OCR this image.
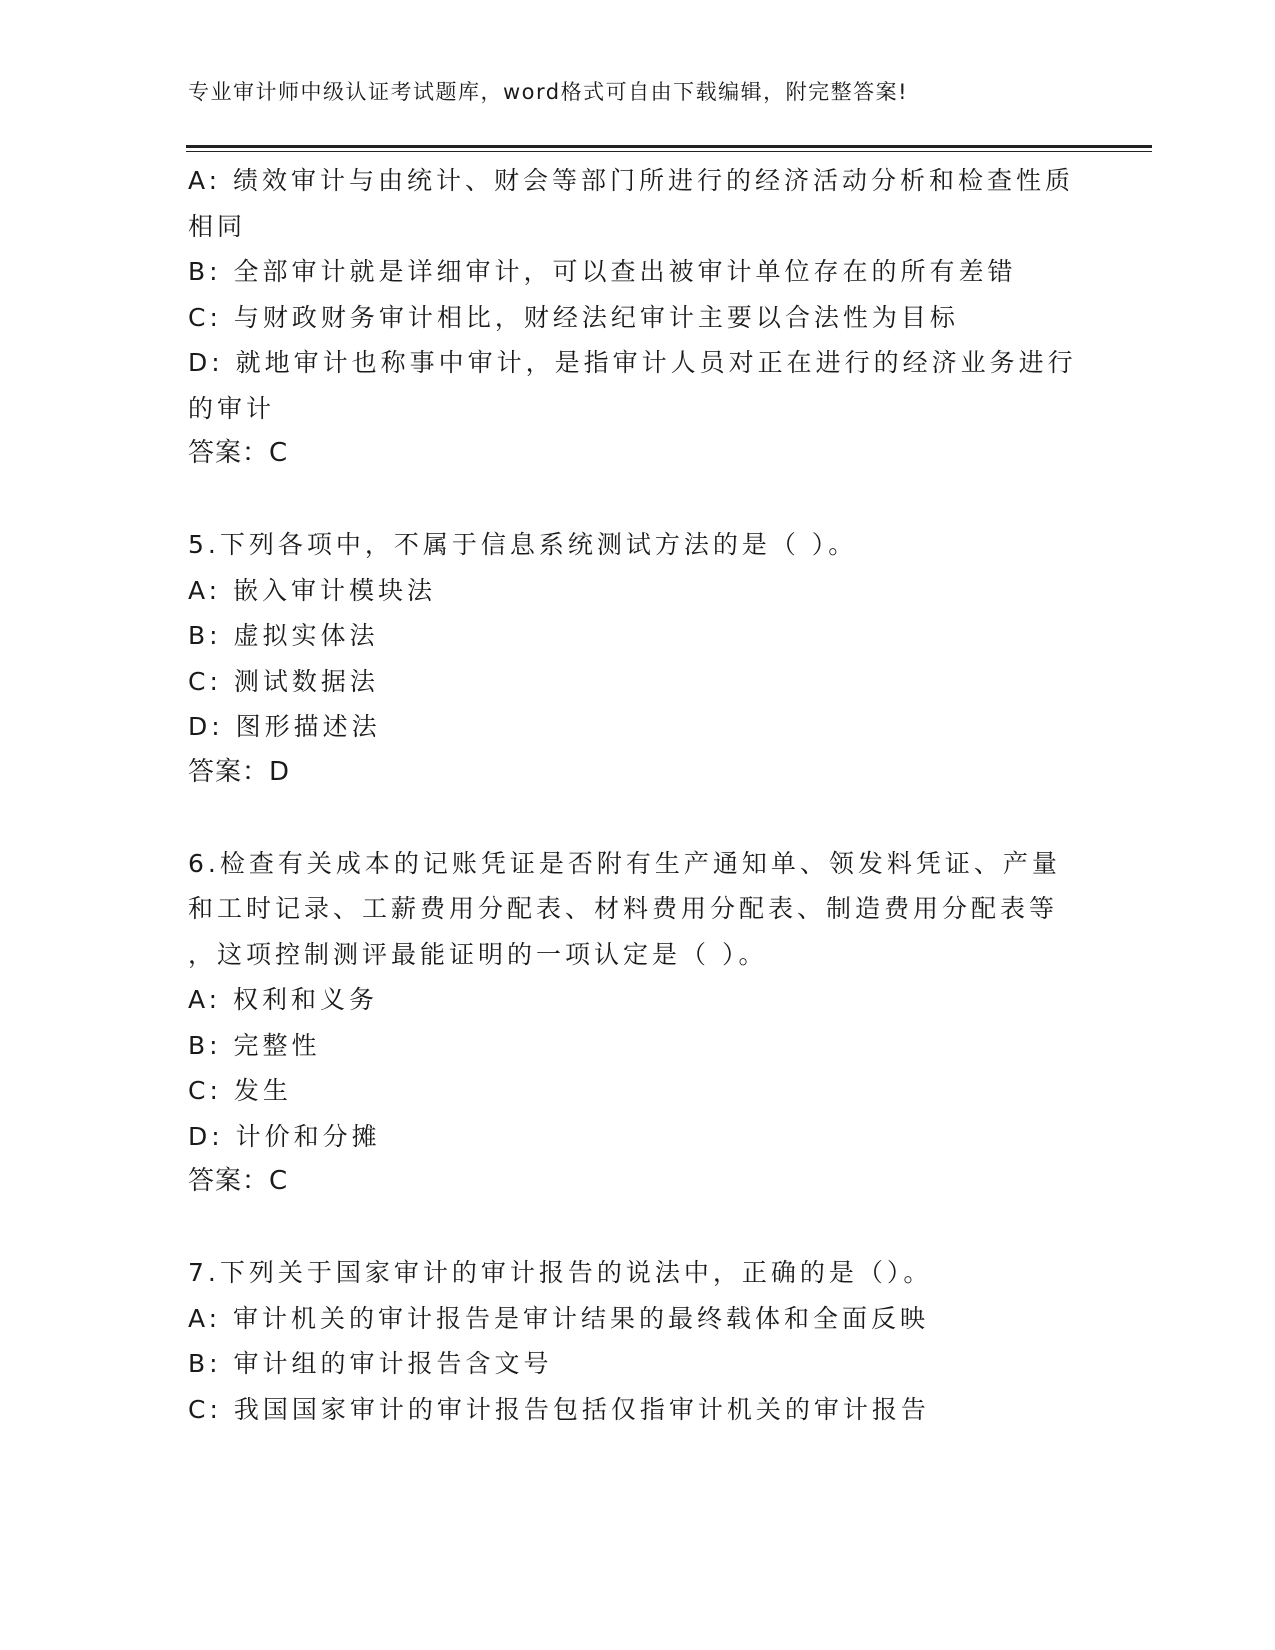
专业审计师中级认证考试题库，word格式可自由下载编辑，附完整答案!
A: 绩效审计与由统计、财会等部门所进行的经济活动分析和检查性质
相同
B: 全部审计就是详细审计，可以查出被审计单位存在的所有差错
C: 与财政财务审计相比，财经法纪审计主要以合法性为目标
D: 就地审计也称事中审计，是指审计人员对正在进行的经济业务进行
的审计
答案：C
5.下列各项中，不属于信息系统测试方法的是（ ）。
A: 嵌入审计模块法
B: 虚拟实体法
C: 测试数据法
D: 图形描述法
答案：D
6.检查有关成本的记账凭证是否附有生产通知单、领发料凭证、产量
和工时记录、工薪费用分配表、材料费用分配表、制造费用分配表等
，这项控制测评最能证明的一项认定是（ ）。
A: 权利和义务
B: 完整性
C: 发生
D: 计价和分摊
答案：C
7.下列关于国家审计的审计报告的说法中，正确的是（）。
A: 审计机关的审计报告是审计结果的最终载体和全面反映
B: 审计组的审计报告含文号
C: 我国国家审计的审计报告包括仅指审计机关的审计报告
